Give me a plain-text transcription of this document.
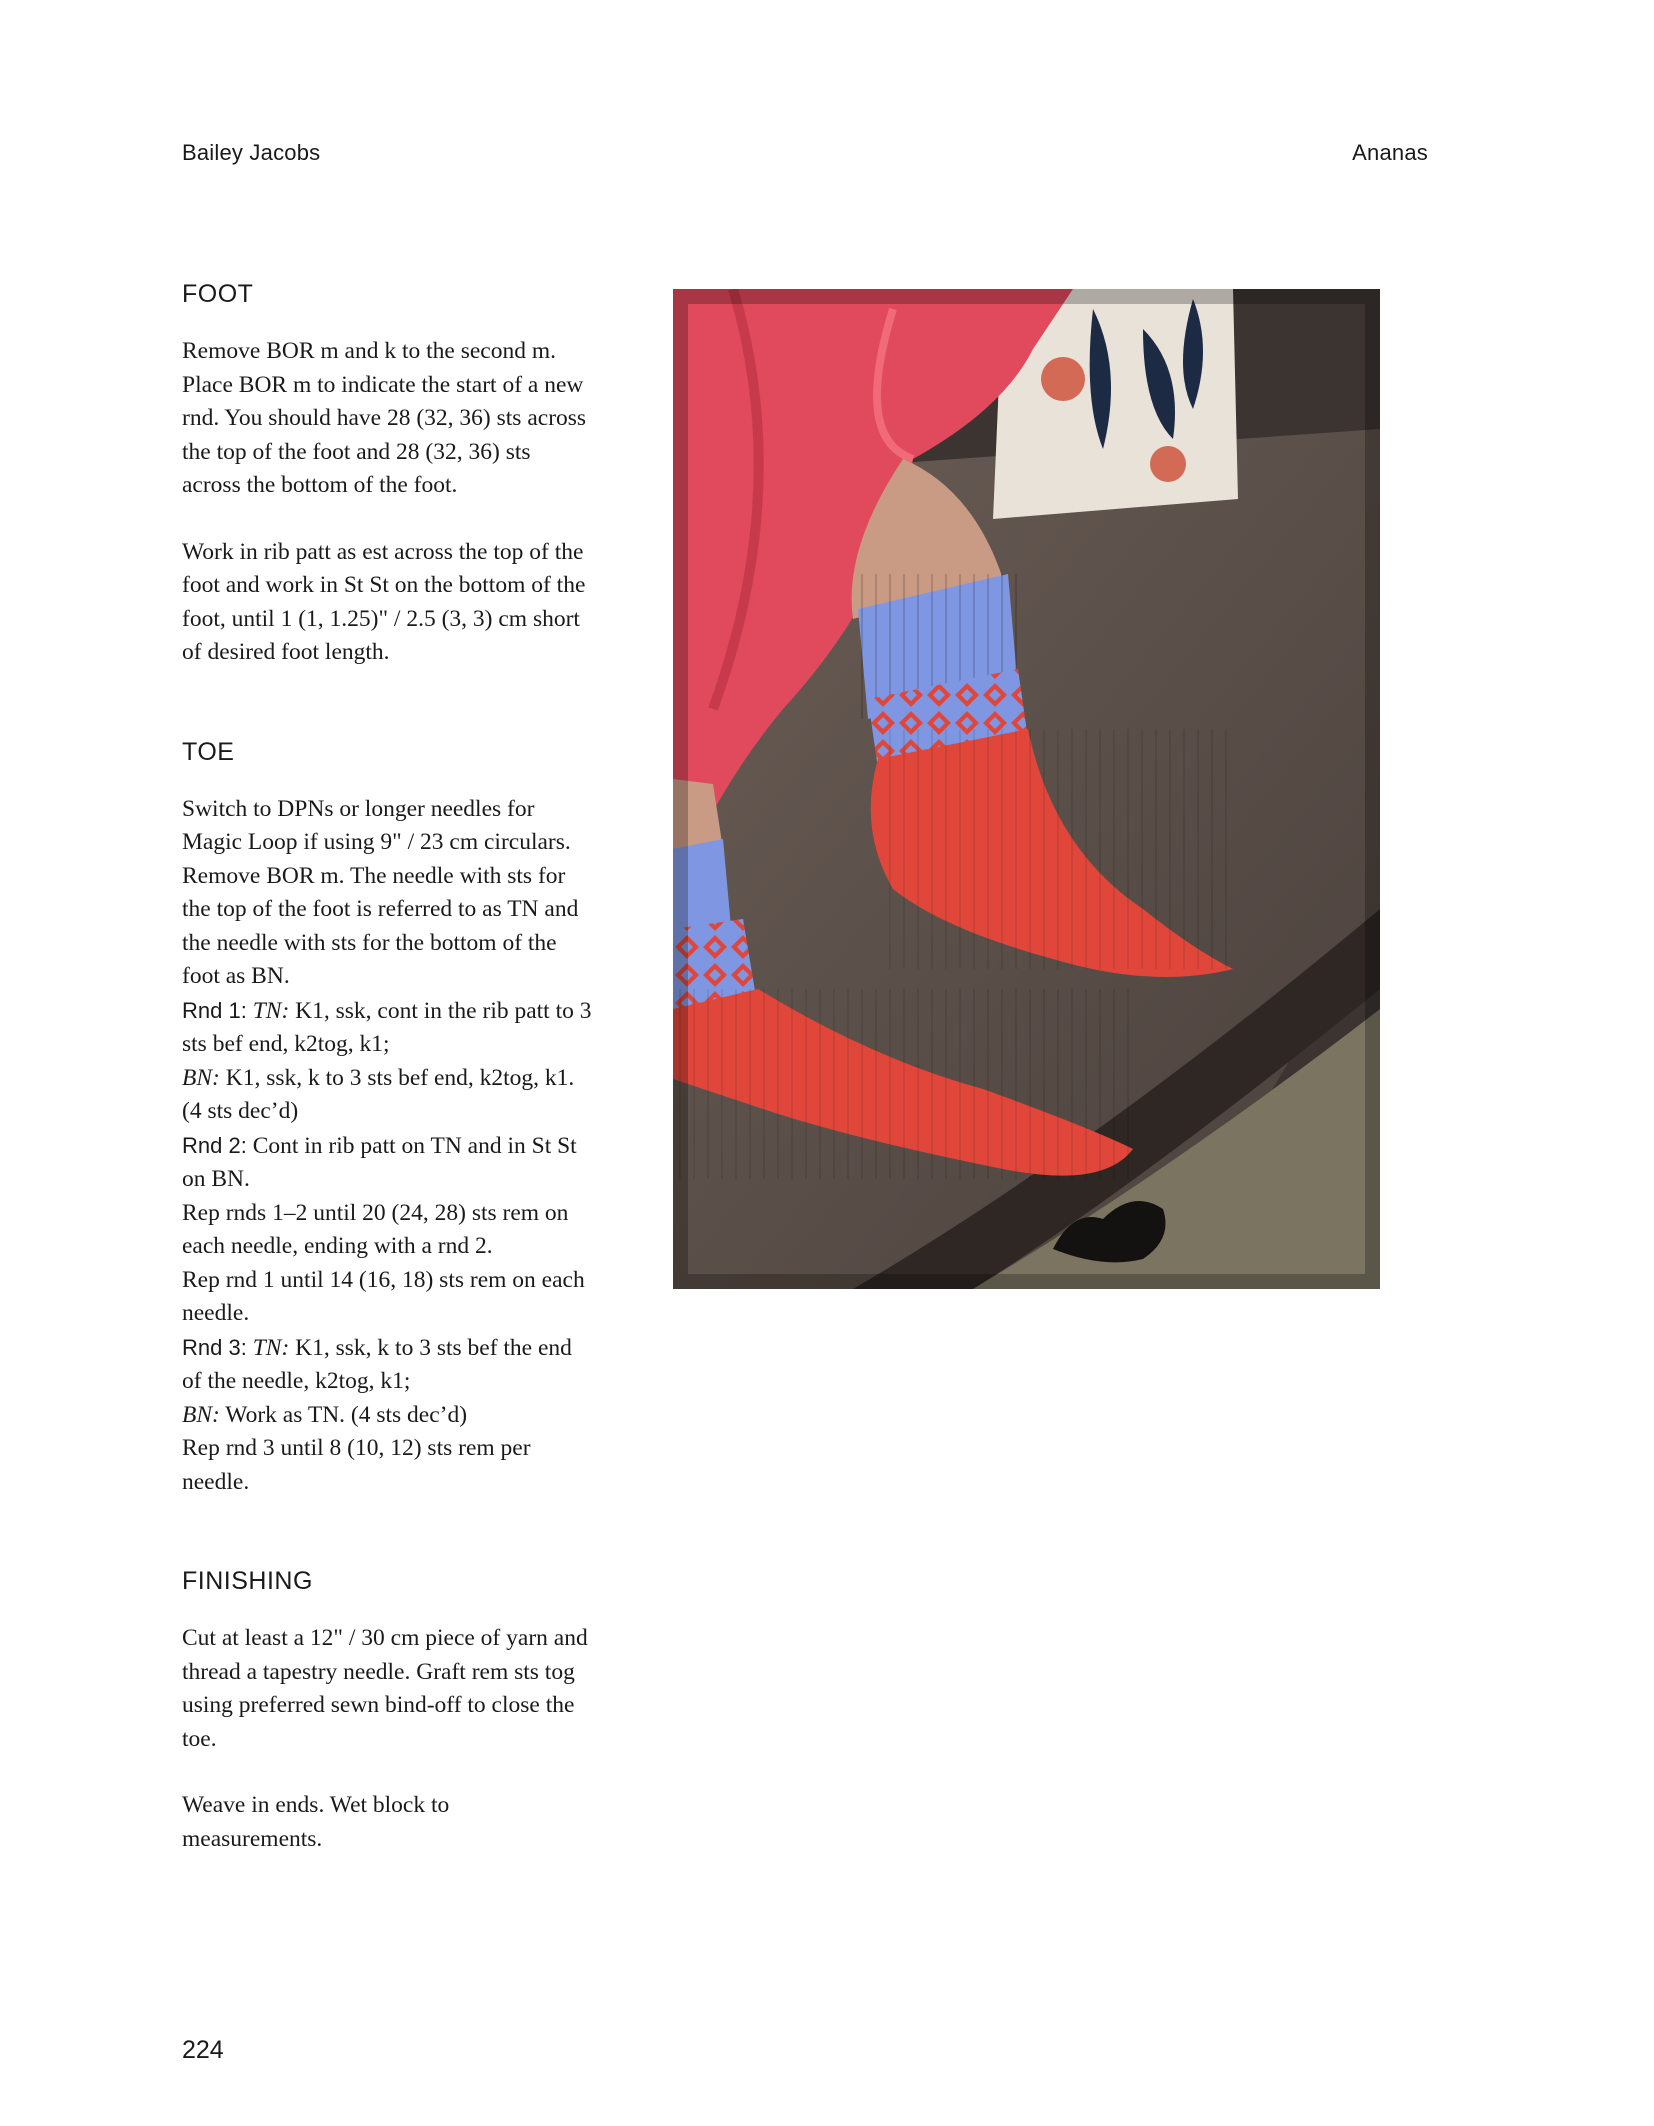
Bailey Jacobs	Ananas
FOOT

Remove BOR m and k to the second m. Place BOR m to indicate the start of a new rnd. You should have 28 (32, 36) sts across the top of the foot and 28 (32, 36) sts across the bottom of the foot.

Work in rib patt as est across the top of the foot and work in St St on the bottom of the foot, until 1 (1, 1.25)" / 2.5 (3, 3) cm short of desired foot length.

TOE

Switch to DPNs or longer needles for Magic Loop if using 9" / 23 cm circulars. Remove BOR m. The needle with sts for the top of the foot is referred to as TN and the needle with sts for the bottom of the foot as BN.

Rnd 1: TN: K1, ssk, cont in the rib patt to 3 sts bef end, k2tog, k1;

BN: K1, ssk, k to 3 sts bef end, k2tog, k1. (4 sts dec’d)

Rnd 2: Cont in rib patt on TN and in St St on BN.

Rep rnds 1–2 until 20 (24, 28) sts rem on each needle, ending with a rnd 2.

Rep rnd 1 until 14 (16, 18) sts rem on each needle.

Rnd 3: TN: K1, ssk, k to 3 sts bef the end of the needle, k2tog, k1;

BN: Work as TN. (4 sts dec’d)

Rep rnd 3 until 8 (10, 12) sts rem per needle.

FINISHING

Cut at least a 12" / 30 cm piece of yarn and thread a tapestry needle. Graft rem sts tog using preferred sewn bind-off to close the toe.

Weave in ends. Wet block to measurements.

224
